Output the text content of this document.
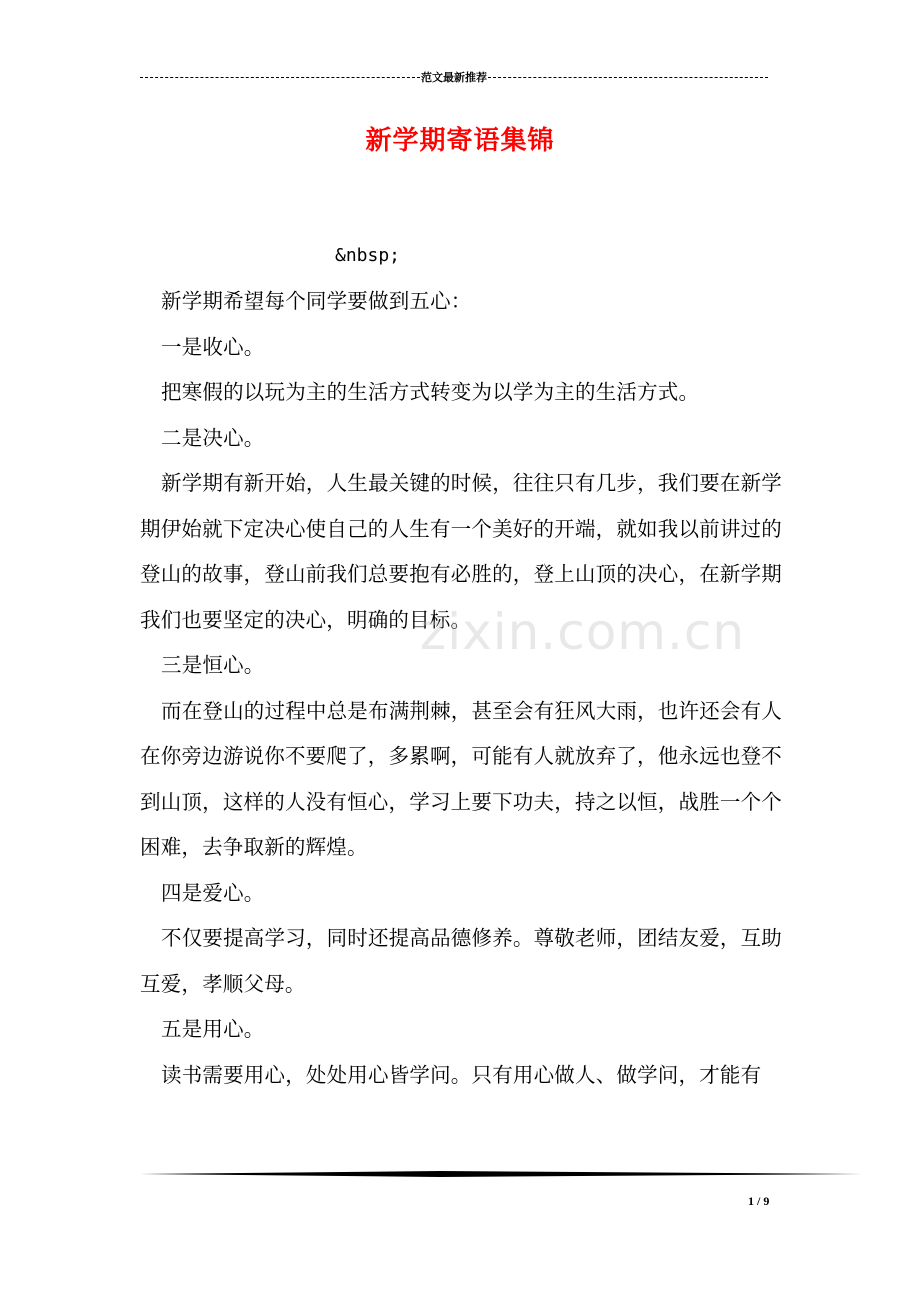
范文最新推荐
新学期寄语集锦
&nbsp;

新学期希望每个同学要做到五心：

一是收心。

把寒假的以玩为主的生活方式转变为以学为主的生活方式。

二是决心。

新学期有新开始，人生最关键的时候，往往只有几步，我们要在新学期伊始就下定决心使自己的人生有一个美好的开端，就如我以前讲过的登山的故事，登山前我们总要抱有必胜的，登上山顶的决心，在新学期我们也要坚定的决心，明确的目标。

三是恒心。

而在登山的过程中总是布满荆棘，甚至会有狂风大雨，也许还会有人在你旁边游说你不要爬了，多累啊，可能有人就放弃了，他永远也登不到山顶，这样的人没有恒心，学习上要下功夫，持之以恒，战胜一个个困难，去争取新的辉煌。

四是爱心。

不仅要提高学习，同时还提高品德修养。尊敬老师，团结友爱，互助互爱，孝顺父母。

五是用心。

读书需要用心，处处用心皆学问。只有用心做人、做学问，才能有

zixin.com.cn
1 / 9
